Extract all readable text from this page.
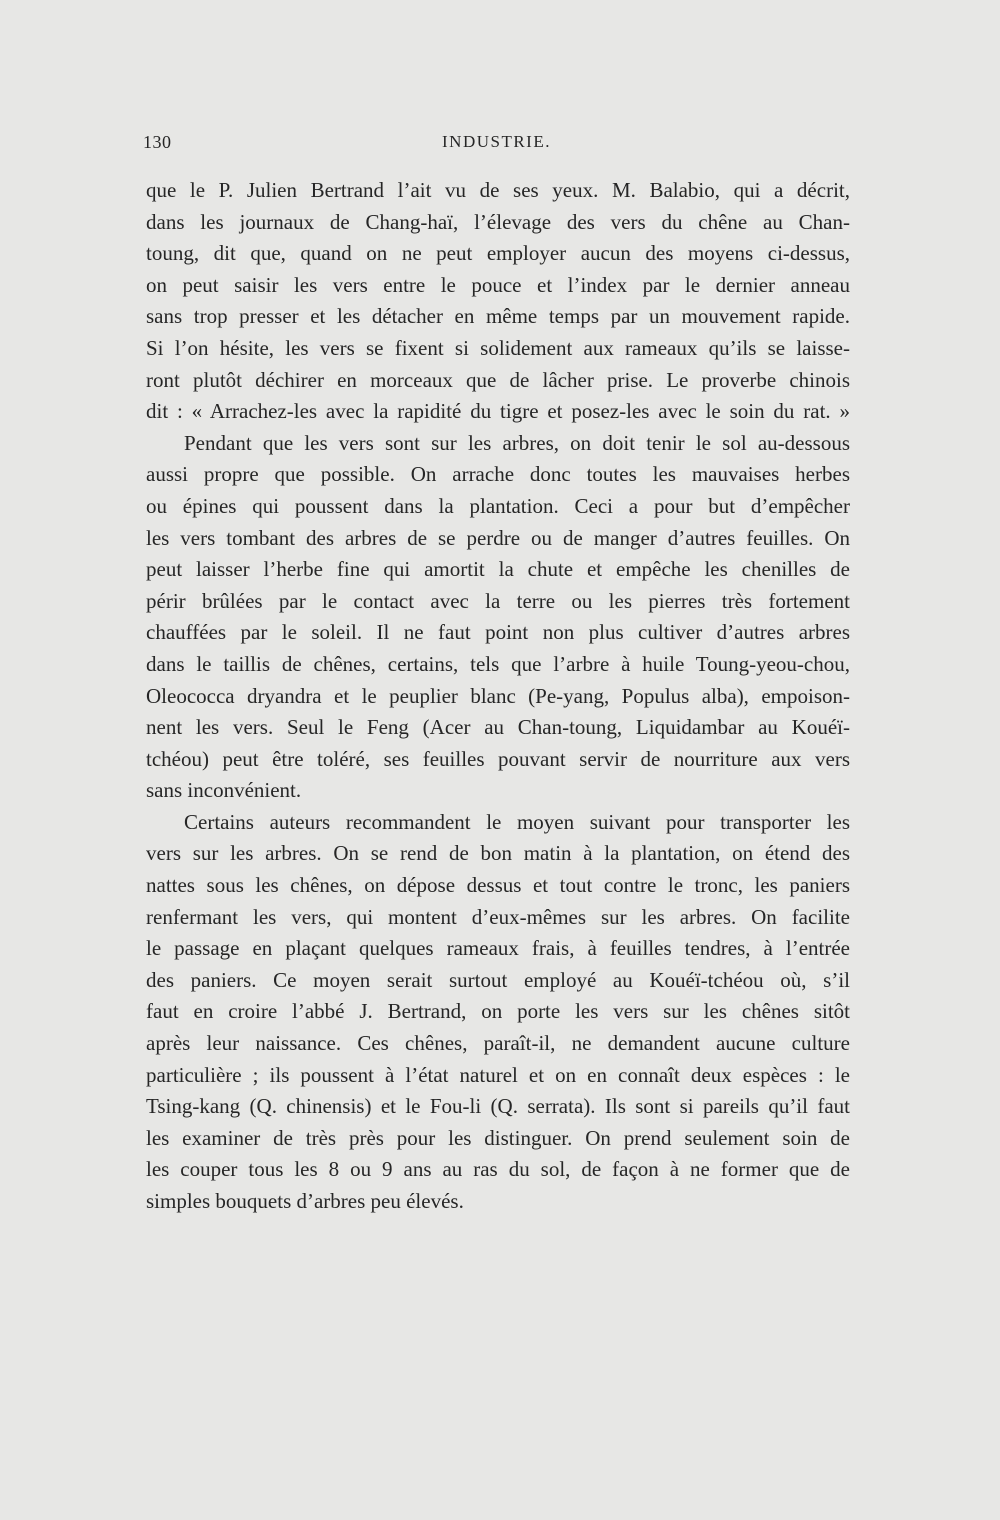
130	INDUSTRIE.
que le P. Julien Bertrand l’ait vu de ses yeux. M. Balabio, qui a décrit,
dans les journaux de Chang-haï, l’élevage des vers du chêne au Chan-
toung, dit que, quand on ne peut employer aucun des moyens ci-dessus,
on peut saisir les vers entre le pouce et l’index par le dernier anneau
sans trop presser et les détacher en même temps par un mouvement rapide.
Si l’on hésite, les vers se fixent si solidement aux rameaux qu’ils se laisse-
ront plutôt déchirer en morceaux que de lâcher prise. Le proverbe chinois
dit : « Arrachez-les avec la rapidité du tigre et posez-les avec le soin du rat. »
Pendant que les vers sont sur les arbres, on doit tenir le sol au-dessous
aussi propre que possible. On arrache donc toutes les mauvaises herbes
ou épines qui poussent dans la plantation. Ceci a pour but d’empêcher
les vers tombant des arbres de se perdre ou de manger d’autres feuilles. On
peut laisser l’herbe fine qui amortit la chute et empêche les chenilles de
périr brûlées par le contact avec la terre ou les pierres très fortement
chauffées par le soleil. Il ne faut point non plus cultiver d’autres arbres
dans le taillis de chênes, certains, tels que l’arbre à huile Toung-yeou-chou,
Oleococca dryandra et le peuplier blanc (Pe-yang, Populus alba), empoison-
nent les vers. Seul le Feng (Acer au Chan-toung, Liquidambar au Kouéï-
tchéou) peut être toléré, ses feuilles pouvant servir de nourriture aux vers
sans inconvénient.
Certains auteurs recommandent le moyen suivant pour transporter les
vers sur les arbres. On se rend de bon matin à la plantation, on étend des
nattes sous les chênes, on dépose dessus et tout contre le tronc, les paniers
renfermant les vers, qui montent d’eux-mêmes sur les arbres. On facilite
le passage en plaçant quelques rameaux frais, à feuilles tendres, à l’entrée
des paniers. Ce moyen serait surtout employé au Kouéï-tchéou où, s’il
faut en croire l’abbé J. Bertrand, on porte les vers sur les chênes sitôt
après leur naissance. Ces chênes, paraît-il, ne demandent aucune culture
particulière ; ils poussent à l’état naturel et on en connaît deux espèces : le
Tsing-kang (Q. chinensis) et le Fou-li (Q. serrata). Ils sont si pareils qu’il faut
les examiner de très près pour les distinguer. On prend seulement soin de
les couper tous les 8 ou 9 ans au ras du sol, de façon à ne former que de
simples bouquets d’arbres peu élevés.
